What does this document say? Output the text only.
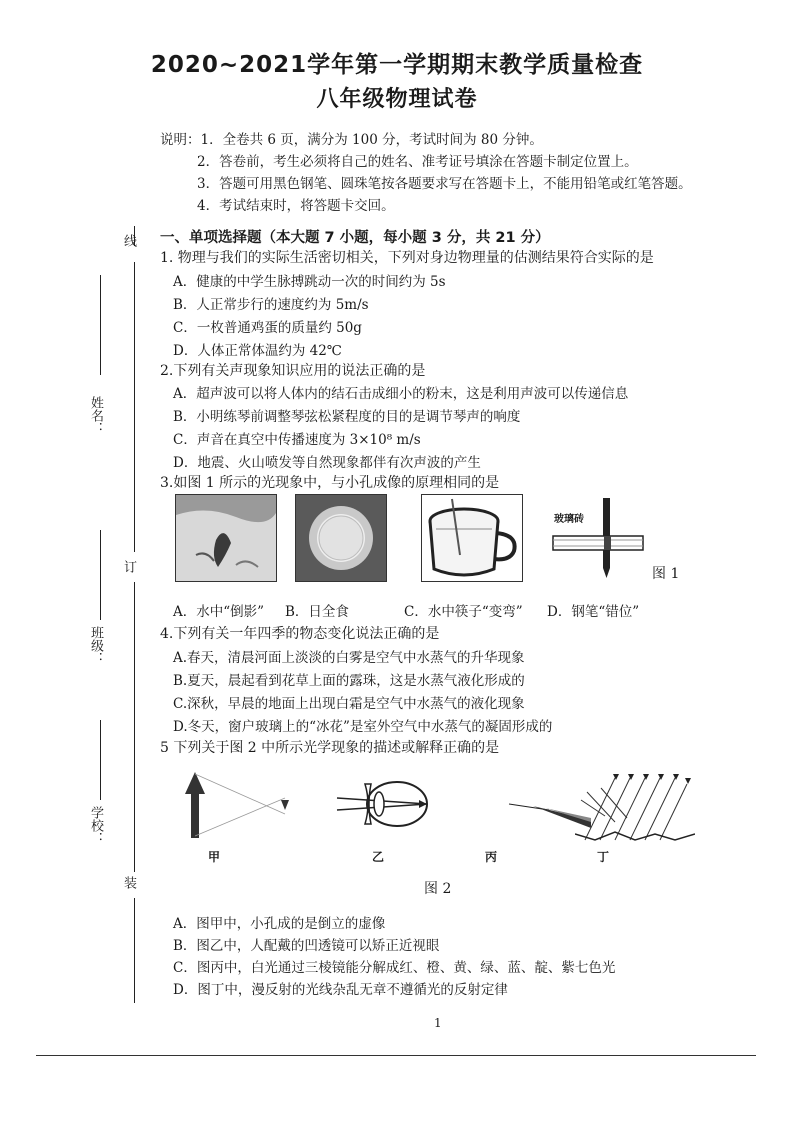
2020~2021学年第一学期期末教学质量检查
八年级物理试卷
说明：1．全卷共 6 页，满分为 100 分，考试时间为 80 分钟。
2．答卷前，考生必须将自己的姓名、准考证号填涂在答题卡制定位置上。
3．答题可用黑色钢笔、圆珠笔按各题要求写在答题卡上，不能用铅笔或红笔答题。
4．考试结束时，将答题卡交回。
线
订
装
姓名：
班级：
学校：
一、单项选择题（本大题 7 小题，每小题 3 分，共 21 分）
1. 物理与我们的实际生活密切相关，下列对身边物理量的估测结果符合实际的是
A．健康的中学生脉搏跳动一次的时间约为 5s
B．人正常步行的速度约为 5m/s
C．一枚普通鸡蛋的质量约 50g
D．人体正常体温约为 42℃
2.下列有关声现象知识应用的说法正确的是
A．超声波可以将人体内的结石击成细小的粉末，这是利用声波可以传递信息
B．小明练琴前调整琴弦松紧程度的目的是调节琴声的响度
C．声音在真空中传播速度为 3×10⁸ m/s
D．地震、火山喷发等自然现象都伴有次声波的产生
3.如图 1 所示的光现象中，与小孔成像的原理相同的是
玻璃砖
图 1
A．水中“倒影” B．日全食	C．水中筷子“变弯” D．钢笔“错位”
4.下列有关一年四季的物态变化说法正确的是
A.春天，清晨河面上淡淡的白雾是空气中水蒸气的升华现象
B.夏天，晨起看到花草上面的露珠，这是水蒸气液化形成的
C.深秋，早晨的地面上出现白霜是空气中水蒸气的液化现象
D.冬天，窗户玻璃上的“冰花”是室外空气中水蒸气的凝固形成的
5 下列关于图 2 中所示光学现象的描述或解释正确的是
甲	乙	丙	丁
图 2
A．图甲中，小孔成的是倒立的虚像
B．图乙中，人配戴的凹透镜可以矫正近视眼
C．图丙中，白光通过三棱镜能分解成红、橙、黄、绿、蓝、靛、紫七色光
D．图丁中，漫反射的光线杂乱无章不遵循光的反射定律
1
